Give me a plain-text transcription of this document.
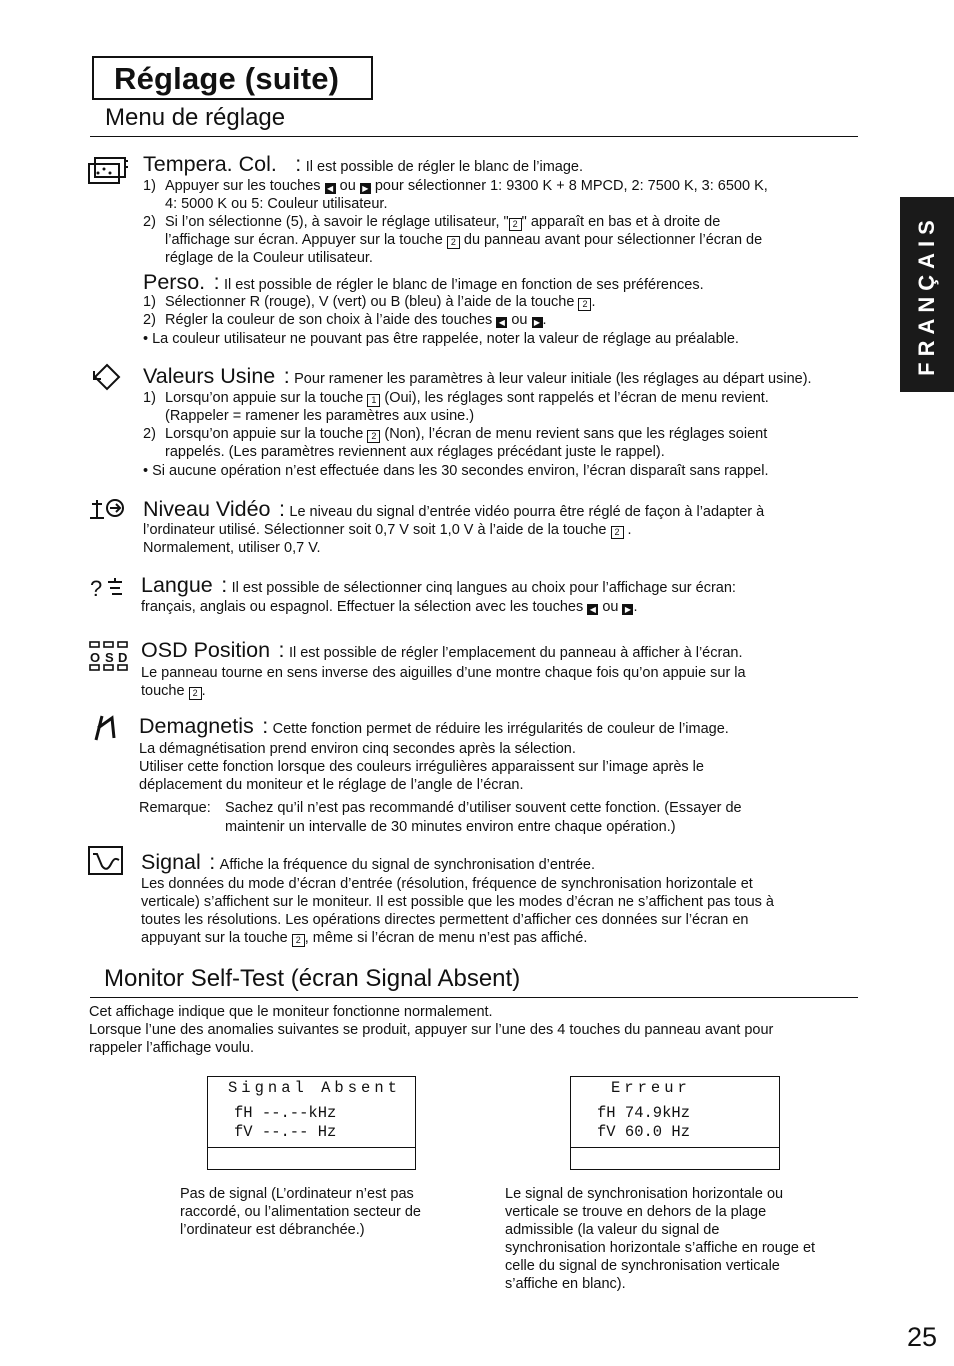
Réglage (suite)
Menu de réglage
FRANÇAIS
Tempera. Col. : Il est possible de régler le blanc de l’image.
1) Appuyer sur les touches ◀ ou ▶ pour sélectionner 1: 9300 K + 8 MPCD, 2: 7500 K, 3: 6500 K,
4: 5000 K ou 5: Couleur utilisateur.
2) Si l’on sélectionne (5), à savoir le réglage utilisateur, " 2 " apparaît en bas et à droite de
l’affichage sur écran. Appuyer sur la touche 2 du panneau avant pour sélectionner l’écran de
réglage de la Couleur utilisateur.
Perso. : Il est possible de régler le blanc de l’image en fonction de ses préférences.
1) Sélectionner R (rouge), V (vert) ou B (bleu) à l’aide de la touche 2 .
2) Régler la couleur de son choix à l’aide des touches ◀ ou ▶ .
• La couleur utilisateur ne pouvant pas être rappelée, noter la valeur de réglage au préalable.
Valeurs Usine : Pour ramener les paramètres à leur valeur initiale (les réglages au départ usine).
1) Lorsqu’on appuie sur la touche 1 (Oui), les réglages sont rappelés et l’écran de menu revient.
(Rappeler = ramener les paramètres aux usine.)
2) Lorsqu’on appuie sur la touche 2 (Non), l’écran de menu revient sans que les réglages soient
rappelés. (Les paramètres reviennent aux réglages précédant juste le rappel).
• Si aucune opération n’est effectuée dans les 30 secondes environ, l’écran disparaît sans rappel.
Niveau Vidéo : Le niveau du signal d’entrée vidéo pourra être réglé de façon à l’adapter à
l’ordinateur utilisé. Sélectionner soit 0,7 V soit 1,0 V à l’aide de la touche 2 .
Normalement, utiliser 0,7 V.
? Langue : Il est possible de sélectionner cinq langues au choix pour l’affichage sur écran:
français, anglais ou espagnol. Effectuer la sélection avec les touches ◀ ou ▶ .
O S D OSD Position : Il est possible de régler l’emplacement du panneau à afficher à l’écran.
Le panneau tourne en sens inverse des aiguilles d’une montre chaque fois qu’on appuie sur la
touche 2 .
Demagnetis : Cette fonction permet de réduire les irrégularités de couleur de l’image.
La démagnétisation prend environ cinq secondes après la sélection.
Utiliser cette fonction lorsque des couleurs irrégulières apparaissent sur l’image après le
déplacement du moniteur et le réglage de l’angle de l’écran.
Remarque: Sachez qu’il n’est pas recommandé d’utiliser souvent cette fonction. (Essayer de
maintenir un intervalle de 30 minutes environ entre chaque opération.)
Signal : Affiche la fréquence du signal de synchronisation d’entrée.
Les données du mode d’écran d’entrée (résolution, fréquence de synchronisation horizontale et
verticale) s’affichent sur le moniteur. Il est possible que les modes d’écran ne s’affichent pas tous à
toutes les résolutions. Les opérations directes permettent d’afficher ces données sur l’écran en
appuyant sur la touche 2 , même si l’écran de menu n’est pas affiché.
Monitor Self-Test (écran Signal Absent)
Cet affichage indique que le moniteur fonctionne normalement.
Lorsque l’une des anomalies suivantes se produit, appuyer sur l’une des 4 touches du panneau avant pour
rappeler l’affichage voulu.
Signal Absent
fH --.--kHz
fV --.-- Hz
Erreur
fH 74.9kHz
fV 60.0 Hz
Pas de signal (L’ordinateur n’est pas
raccordé, ou l’alimentation secteur de
l’ordinateur est débranchée.)
Le signal de synchronisation horizontale ou
verticale se trouve en dehors de la plage
admissible (la valeur du signal de
synchronisation horizontale s’affiche en rouge et
celle du signal de synchronisation verticale
s’affiche en blanc).
25
